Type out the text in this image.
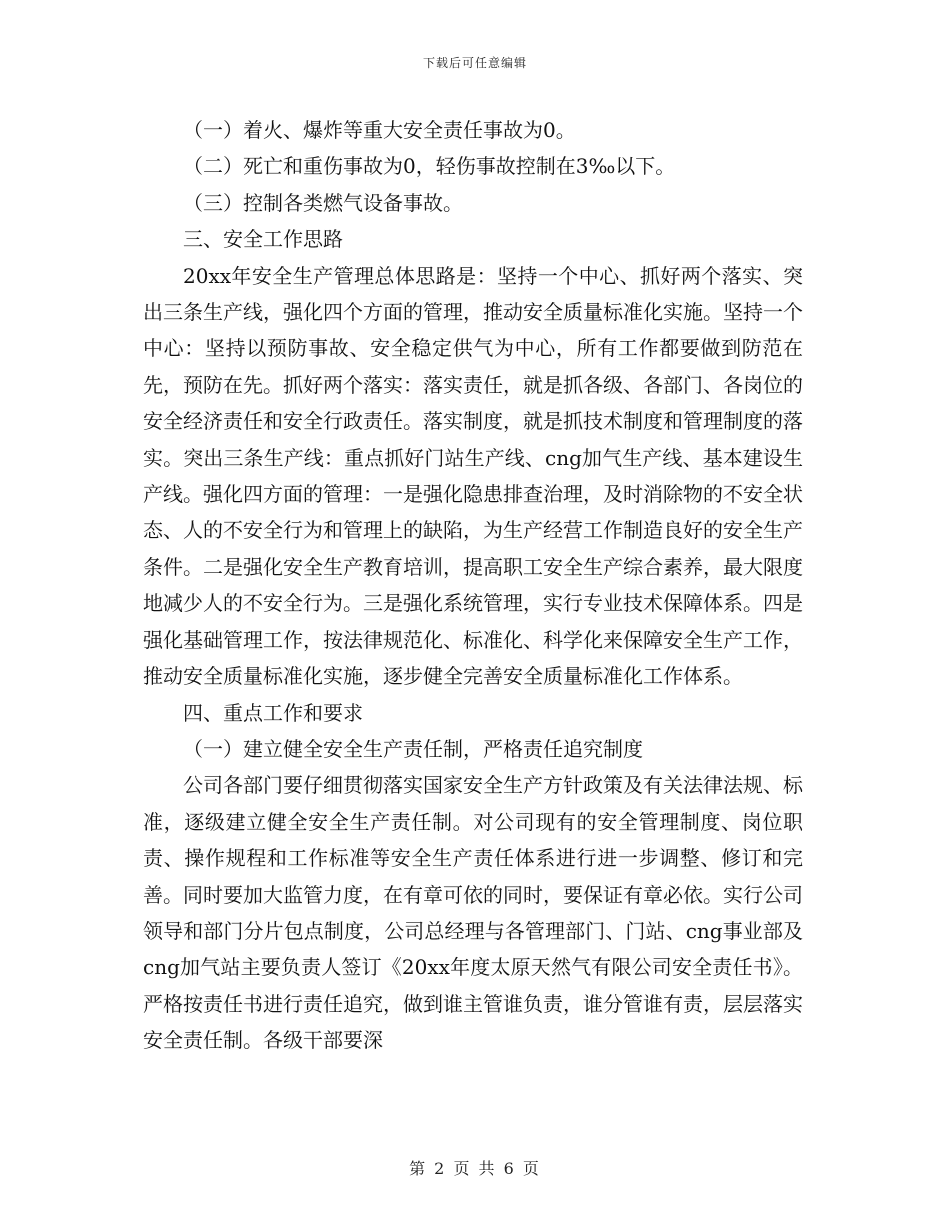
下载后可任意编辑

（一）着火、爆炸等重大安全责任事故为0。

（二）死亡和重伤事故为0，轻伤事故控制在3‰以下。

（三）控制各类燃气设备事故。

三、安全工作思路

20xx年安全生产管理总体思路是：坚持一个中心、抓好两个落实、突出三条生产线，强化四个方面的管理，推动安全质量标准化实施。坚持一个中心：坚持以预防事故、安全稳定供气为中心，所有工作都要做到防范在先，预防在先。抓好两个落实：落实责任，就是抓各级、各部门、各岗位的安全经济责任和安全行政责任。落实制度，就是抓技术制度和管理制度的落实。突出三条生产线：重点抓好门站生产线、cng加气生产线、基本建设生产线。强化四方面的管理：一是强化隐患排查治理，及时消除物的不安全状态、人的不安全行为和管理上的缺陷，为生产经营工作制造良好的安全生产条件。二是强化安全生产教育培训，提高职工安全生产综合素养，最大限度地减少人的不安全行为。三是强化系统管理，实行专业技术保障体系。四是强化基础管理工作，按法律规范化、标准化、科学化来保障安全生产工作，推动安全质量标准化实施，逐步健全完善安全质量标准化工作体系。

四、重点工作和要求

（一）建立健全安全生产责任制，严格责任追究制度

公司各部门要仔细贯彻落实国家安全生产方针政策及有关法律法规、标准，逐级建立健全安全生产责任制。对公司现有的安全管理制度、岗位职责、操作规程和工作标准等安全生产责任体系进行进一步调整、修订和完善。同时要加大监管力度，在有章可依的同时，要保证有章必依。实行公司领导和部门分片包点制度，公司总经理与各管理部门、门站、cng事业部及cng加气站主要负责人签订《20xx年度太原天然气有限公司安全责任书》。严格按责任书进行责任追究，做到谁主管谁负责，谁分管谁有责，层层落实安全责任制。各级干部要深

第 2 页 共 6 页
